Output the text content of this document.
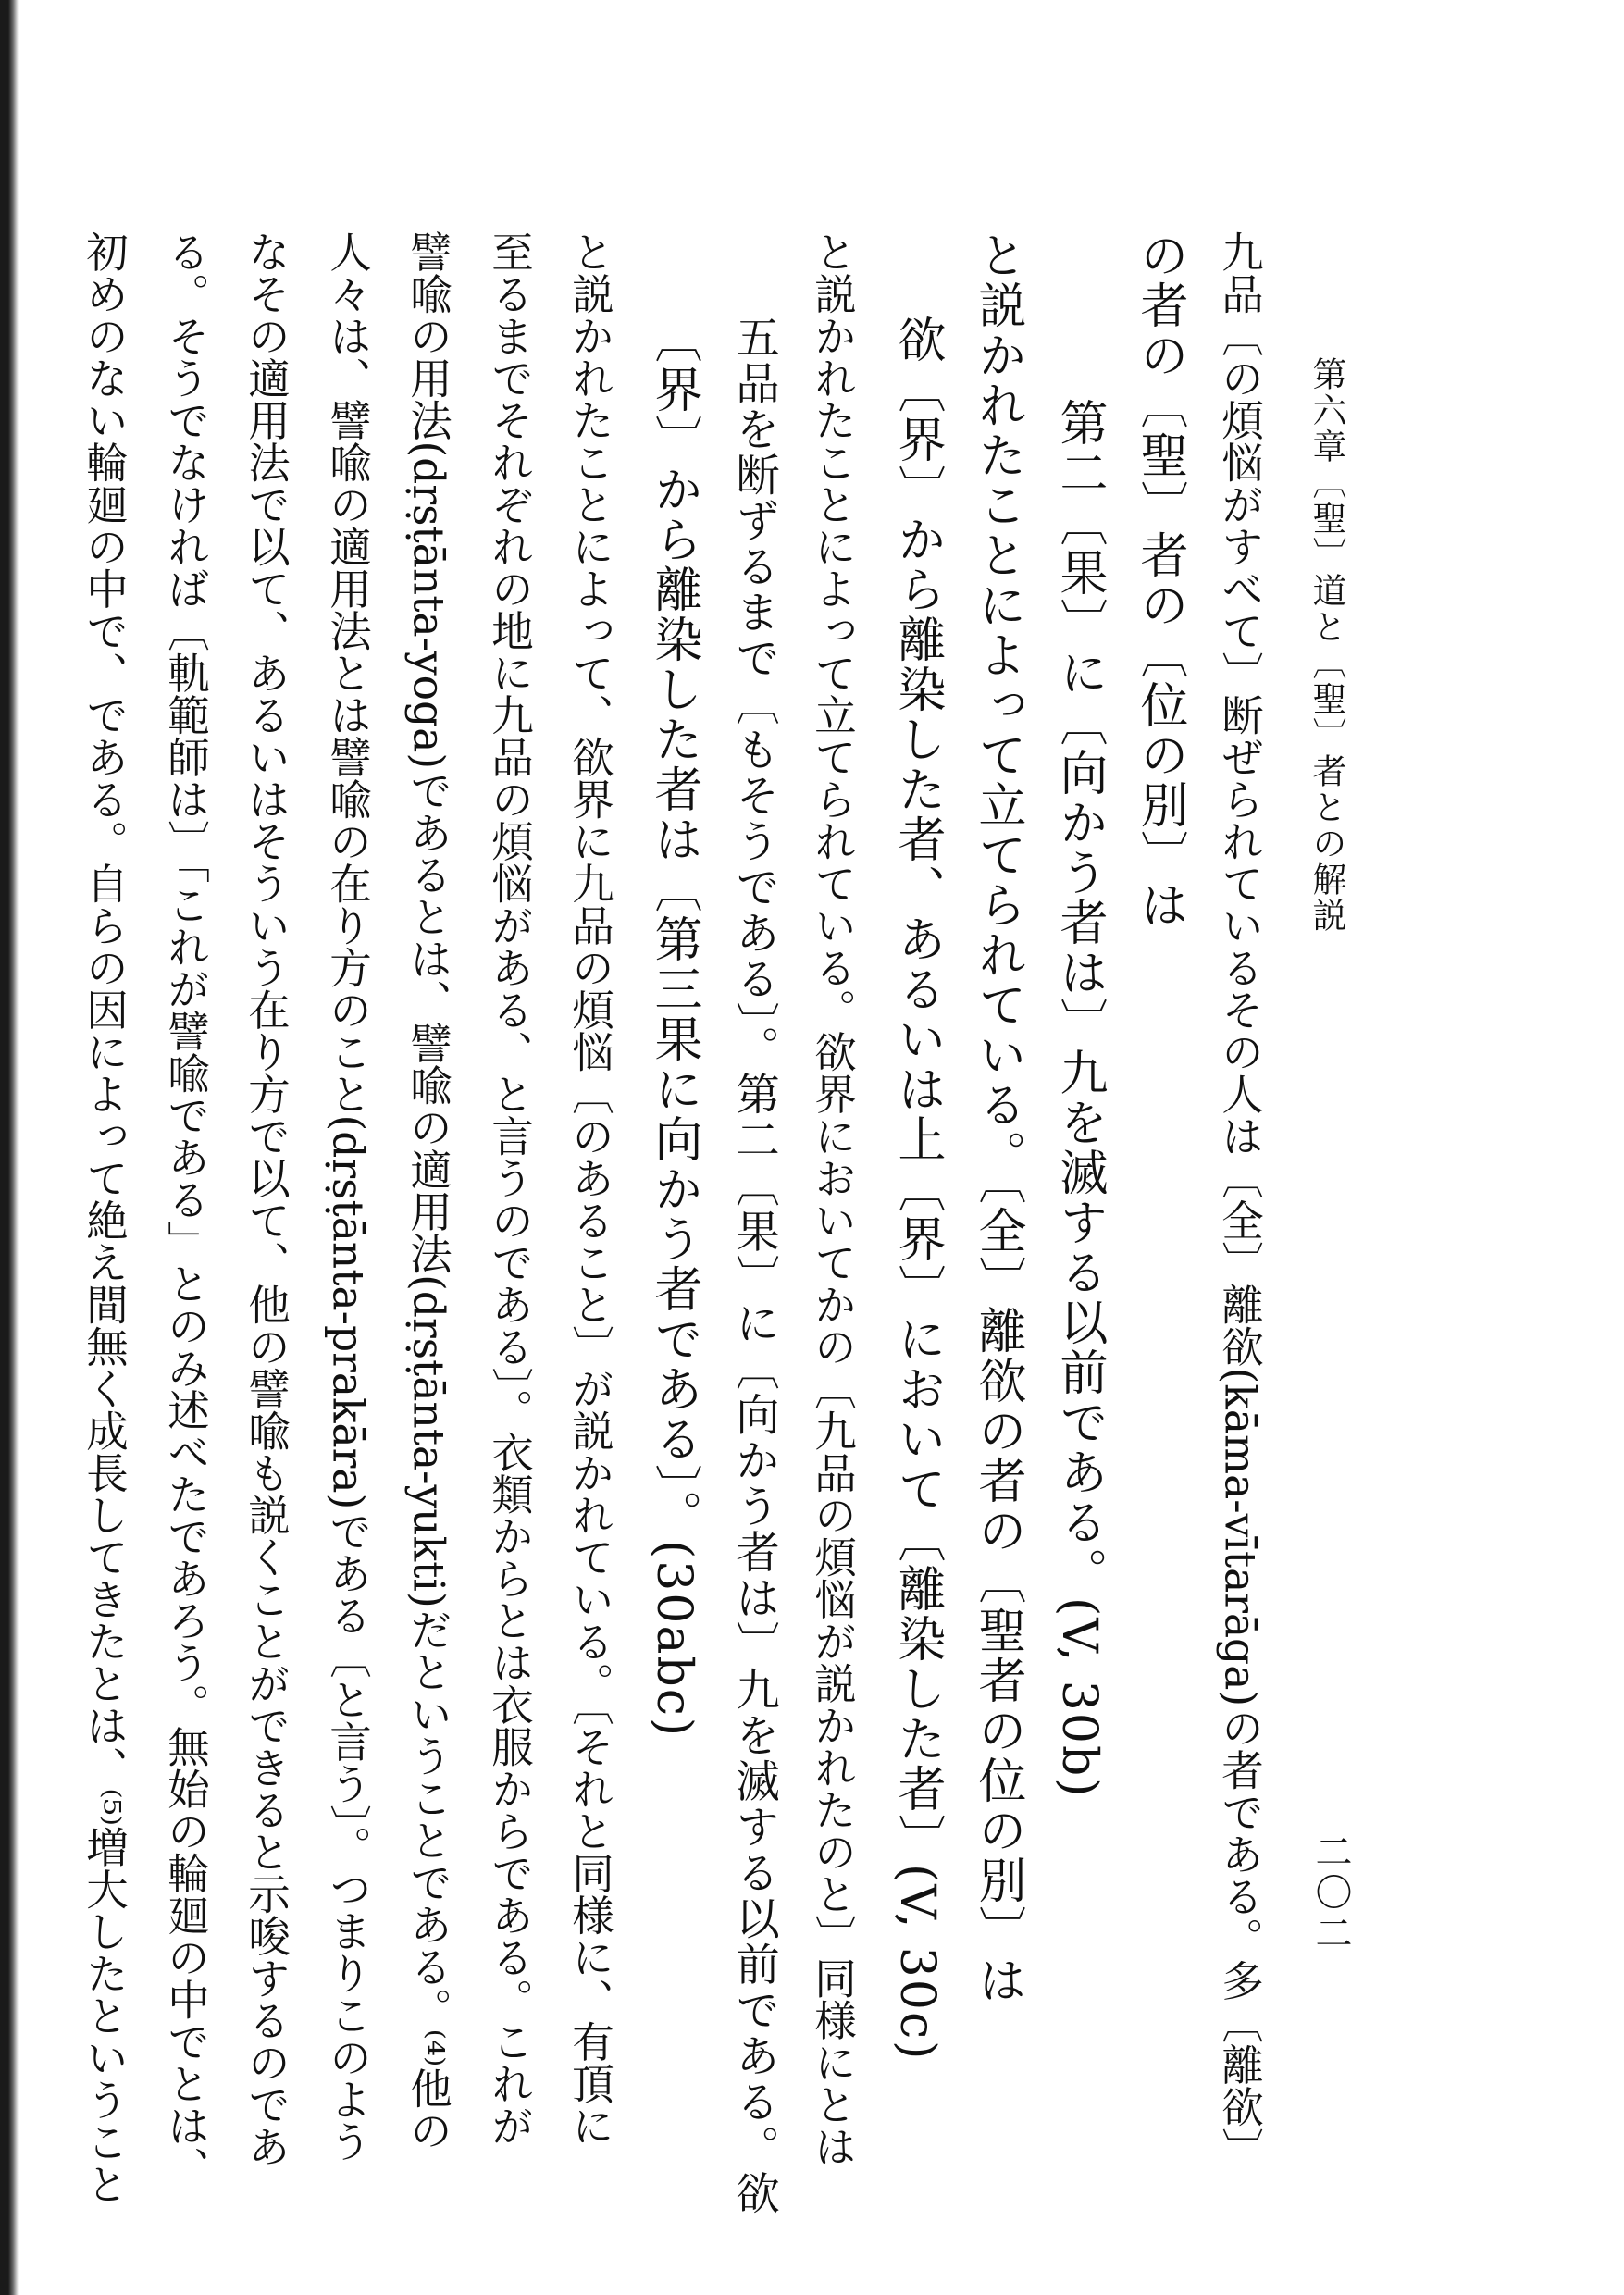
第六章〔聖〕道と〔聖〕者との解説
二〇二
九品〔の煩悩がすべて〕断ぜられているその人は〔全〕離欲(kāma-vītarāga)の者である。多〔離欲〕
の者の〔聖〕者の〔位の別〕は
第二〔果〕に〔向かう者は〕九を滅する以前である。(V, 30b)
と説かれたことによって立てられている。〔全〕離欲の者の〔聖者の位の別〕は
欲〔界〕から離染した者、あるいは上〔界〕において〔離染した者〕(V, 30c)
と説かれたことによって立てられている。欲界においてかの〔九品の煩悩が説かれたのと〕同様にとは
五品を断ずるまで〔もそうである〕。第二〔果〕に〔向かう者は〕九を滅する以前である。欲
〔界〕から離染した者は〔第三果に向かう者である〕。(30abc)
と説かれたことによって、欲界に九品の煩悩〔のあること〕が説かれている。〔それと同様に、有頂に
至るまでそれぞれの地に九品の煩悩がある、と言うのである〕。衣類からとは衣服からである。これが
譬喩の用法(dṛṣṭānta-yoga)であるとは、譬喩の適用法(dṛṣṭānta-yukti)だということである。⁽⁴⁾他の
人々は、譬喩の適用法とは譬喩の在り方のこと(dṛṣṭānta-prakāra)である〔と言う〕。つまりこのよう
なその適用法で以て、あるいはそういう在り方で以て、他の譬喩も説くことができると示唆するのであ
る。そうでなければ〔軌範師は〕「これが譬喩である」とのみ述べたであろう。無始の輪廻の中でとは、
初めのない輪廻の中で、である。自らの因によって絶え間無く成長してきたとは、⁽⁵⁾増大したということ
